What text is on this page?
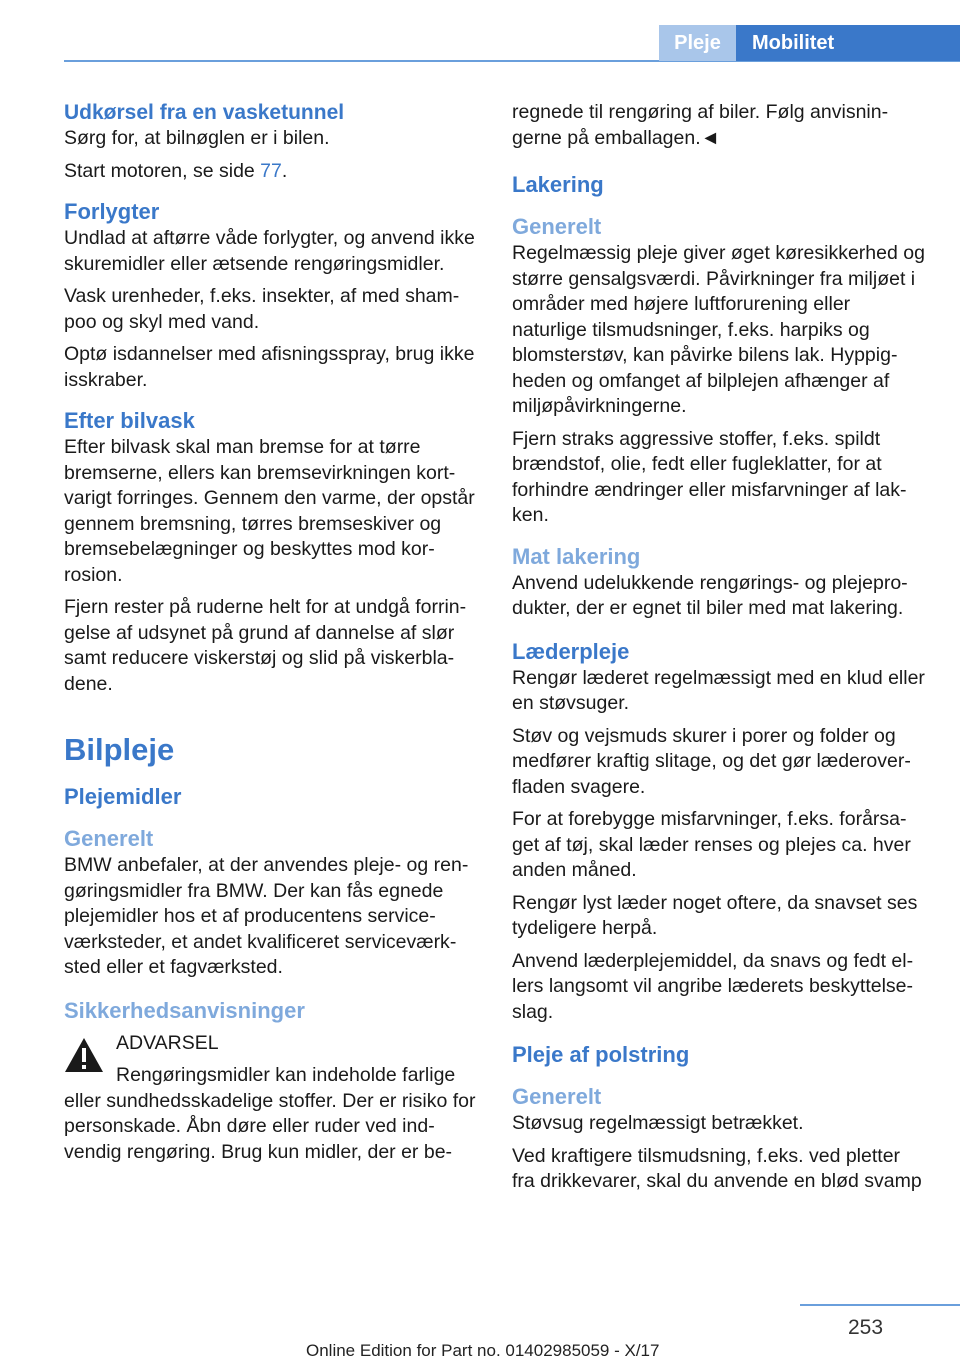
Pleje	Mobilitet
Udkørsel fra en vasketunnel

Sørg for, at bilnøglen er i bilen.

Start motoren, se side 77.

Forlygter

Undlad at aftørre våde forlygter, og anvend ikke skuremidler eller ætsende rengøringsmidler.

Vask urenheder, f.eks. insekter, af med shampoo og skyl med vand.

Optø isdannelser med afisningsspray, brug ikke isskraber.

Efter bilvask

Efter bilvask skal man bremse for at tørre bremserne, ellers kan bremsevirkningen kortvarigt forringes. Gennem den varme, der opstår gennem bremsning, tørres bremseskiver og bremsebelægninger og beskyttes mod korrosion.

Fjern rester på ruderne helt for at undgå forringelse af udsynet på grund af dannelse af slør samt reducere viskerstøj og slid på viskerbladene.

Bilpleje
Plejemidler
Generelt

BMW anbefaler, at der anvendes pleje- og rengøringsmidler fra BMW. Der kan fås egnede plejemidler hos et af producentens serviceværksteder, et andet kvalificeret serviceværksted eller et fagværksted.

Sikkerhedsanvisninger

ADVARSEL

Rengøringsmidler kan indeholde farlige

eller sundhedsskadelige stoffer. Der er risiko for personskade. Åbn døre eller ruder ved indvendig rengøring. Brug kun midler, der er be-

regnede til rengøring af biler. Følg anvisningerne på emballagen.◄

Lakering
Generelt

Regelmæssig pleje giver øget køresikkerhed og større gensalgsværdi. Påvirkninger fra miljøet i områder med højere luftforurening eller naturlige tilsmudsninger, f.eks. harpiks og blomsterstøv, kan påvirke bilens lak. Hyppigheden og omfanget af bilplejen afhænger af miljøpåvirkningerne.

Fjern straks aggressive stoffer, f.eks. spildt brændstof, olie, fedt eller fugleklatter, for at forhindre ændringer eller misfarvninger af lakken.

Mat lakering

Anvend udelukkende rengørings- og plejeprodukter, der er egnet til biler med mat lakering.

Læderpleje

Rengør læderet regelmæssigt med en klud eller en støvsuger.

Støv og vejsmuds skurer i porer og folder og medfører kraftig slitage, og det gør læderoverfladen svagere.

For at forebygge misfarvninger, f.eks. forårsaget af tøj, skal læder renses og plejes ca. hver anden måned.

Rengør lyst læder noget oftere, da snavset ses tydeligere herpå.

Anvend læderplejemiddel, da snavs og fedt ellers langsomt vil angribe læderets beskyttelseslag.

Pleje af polstring
Generelt

Støvsug regelmæssigt betrækket.

Ved kraftigere tilsmudsning, f.eks. ved pletter fra drikkevarer, skal du anvende en blød svamp

253
Online Edition for Part no. 01402985059 - X/17
